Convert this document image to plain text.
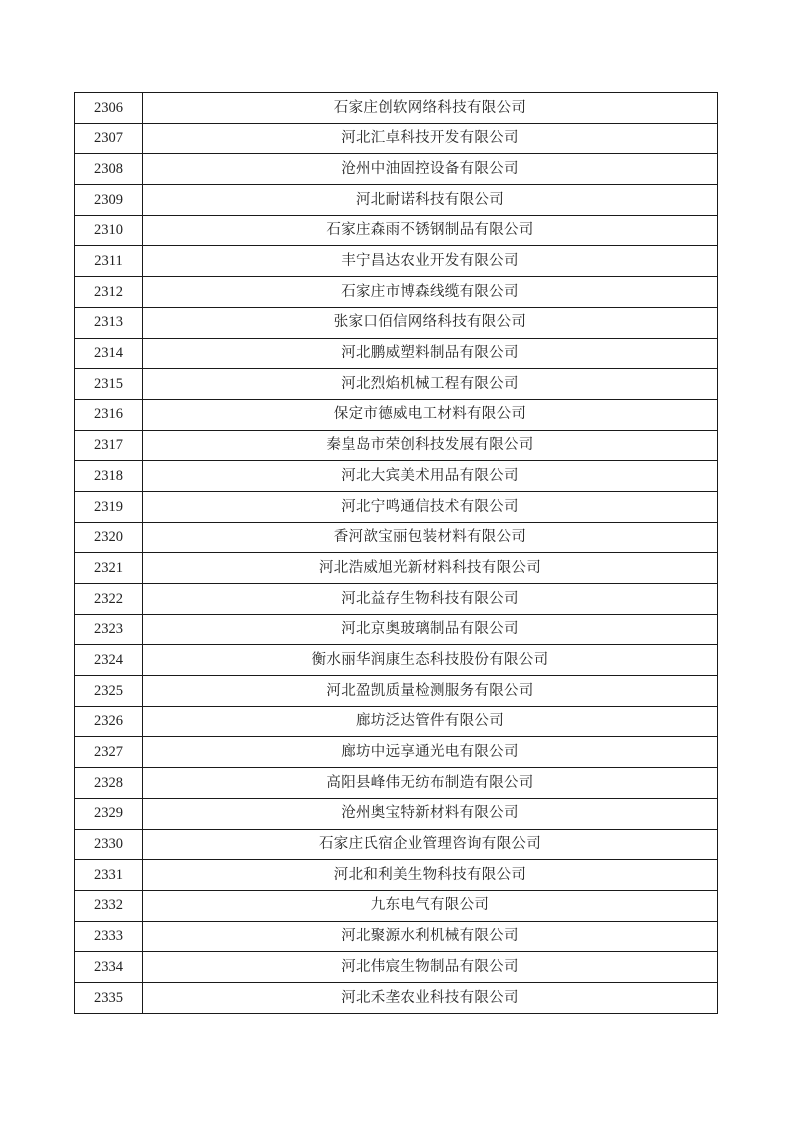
2306	石家庄创软网络科技有限公司
2307	河北汇卓科技开发有限公司
2308	沧州中油固控设备有限公司
2309	河北耐诺科技有限公司
2310	石家庄森雨不锈钢制品有限公司
2311	丰宁昌达农业开发有限公司
2312	石家庄市博森线缆有限公司
2313	张家口佰信网络科技有限公司
2314	河北鹏威塑料制品有限公司
2315	河北烈焰机械工程有限公司
2316	保定市德威电工材料有限公司
2317	秦皇岛市荣创科技发展有限公司
2318	河北大宾美术用品有限公司
2319	河北宁鸣通信技术有限公司
2320	香河歆宝丽包装材料有限公司
2321	河北浩威旭光新材料科技有限公司
2322	河北益存生物科技有限公司
2323	河北京奥玻璃制品有限公司
2324	衡水丽华润康生态科技股份有限公司
2325	河北盈凯质量检测服务有限公司
2326	廊坊泛达管件有限公司
2327	廊坊中远享通光电有限公司
2328	高阳县峰伟无纺布制造有限公司
2329	沧州奥宝特新材料有限公司
2330	石家庄氏宿企业管理咨询有限公司
2331	河北和利美生物科技有限公司
2332	九东电气有限公司
2333	河北聚源水利机械有限公司
2334	河北伟宸生物制品有限公司
2335	河北禾垄农业科技有限公司
